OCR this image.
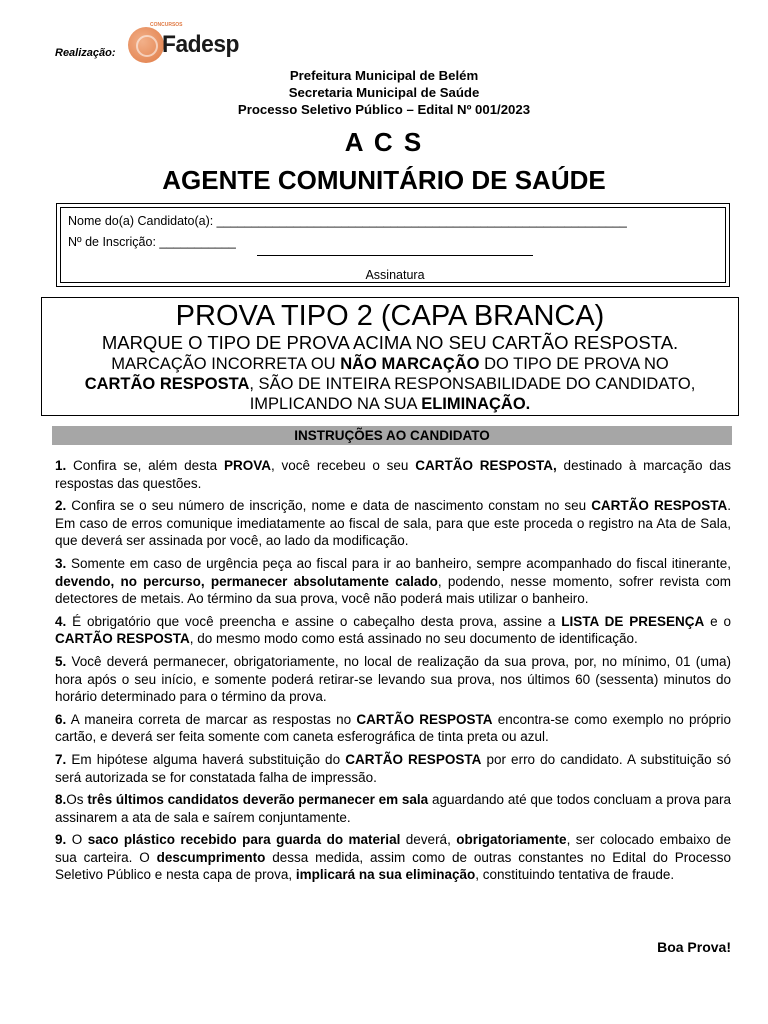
Realização: Fadesp
CONCURSOS
Prefeitura Municipal de Belém
Secretaria Municipal de Saúde
Processo Seletivo Público – Edital Nº 001/2023
A C S
AGENTE COMUNITÁRIO DE SAÚDE
Nome do(a) Candidato(a): ___________________________________________________________
Nº de Inscrição: ___________
Assinatura
PROVA TIPO 2 (CAPA BRANCA)
MARQUE O TIPO DE PROVA ACIMA NO SEU CARTÃO RESPOSTA.
MARCAÇÃO INCORRETA OU NÃO MARCAÇÃO DO TIPO DE PROVA NO
CARTÃO RESPOSTA, SÃO DE INTEIRA RESPONSABILIDADE DO CANDIDATO,
IMPLICANDO NA SUA ELIMINAÇÃO.
INSTRUÇÕES AO CANDIDATO
1. Confira se, além desta PROVA, você recebeu o seu CARTÃO RESPOSTA, destinado à marcação das respostas das questões.
2. Confira se o seu número de inscrição, nome e data de nascimento constam no seu CARTÃO RESPOSTA. Em caso de erros comunique imediatamente ao fiscal de sala, para que este proceda o registro na Ata de Sala, que deverá ser assinada por você, ao lado da modificação.
3. Somente em caso de urgência peça ao fiscal para ir ao banheiro, sempre acompanhado do fiscal itinerante, devendo, no percurso, permanecer absolutamente calado, podendo, nesse momento, sofrer revista com detectores de metais. Ao término da sua prova, você não poderá mais utilizar o banheiro.
4. É obrigatório que você preencha e assine o cabeçalho desta prova, assine a LISTA DE PRESENÇA e o CARTÃO RESPOSTA, do mesmo modo como está assinado no seu documento de identificação.
5. Você deverá permanecer, obrigatoriamente, no local de realização da sua prova, por, no mínimo, 01 (uma) hora após o seu início, e somente poderá retirar-se levando sua prova, nos últimos 60 (sessenta) minutos do horário determinado para o término da prova.
6. A maneira correta de marcar as respostas no CARTÃO RESPOSTA encontra-se como exemplo no próprio cartão, e deverá ser feita somente com caneta esferográfica de tinta preta ou azul.
7. Em hipótese alguma haverá substituição do CARTÃO RESPOSTA por erro do candidato. A substituição só será autorizada se for constatada falha de impressão.
8.Os três últimos candidatos deverão permanecer em sala aguardando até que todos concluam a prova para assinarem a ata de sala e saírem conjuntamente.
9. O saco plástico recebido para guarda do material deverá, obrigatoriamente, ser colocado embaixo de sua carteira. O descumprimento dessa medida, assim como de outras constantes no Edital do Processo Seletivo Público e nesta capa de prova, implicará na sua eliminação, constituindo tentativa de fraude.
Boa Prova!
